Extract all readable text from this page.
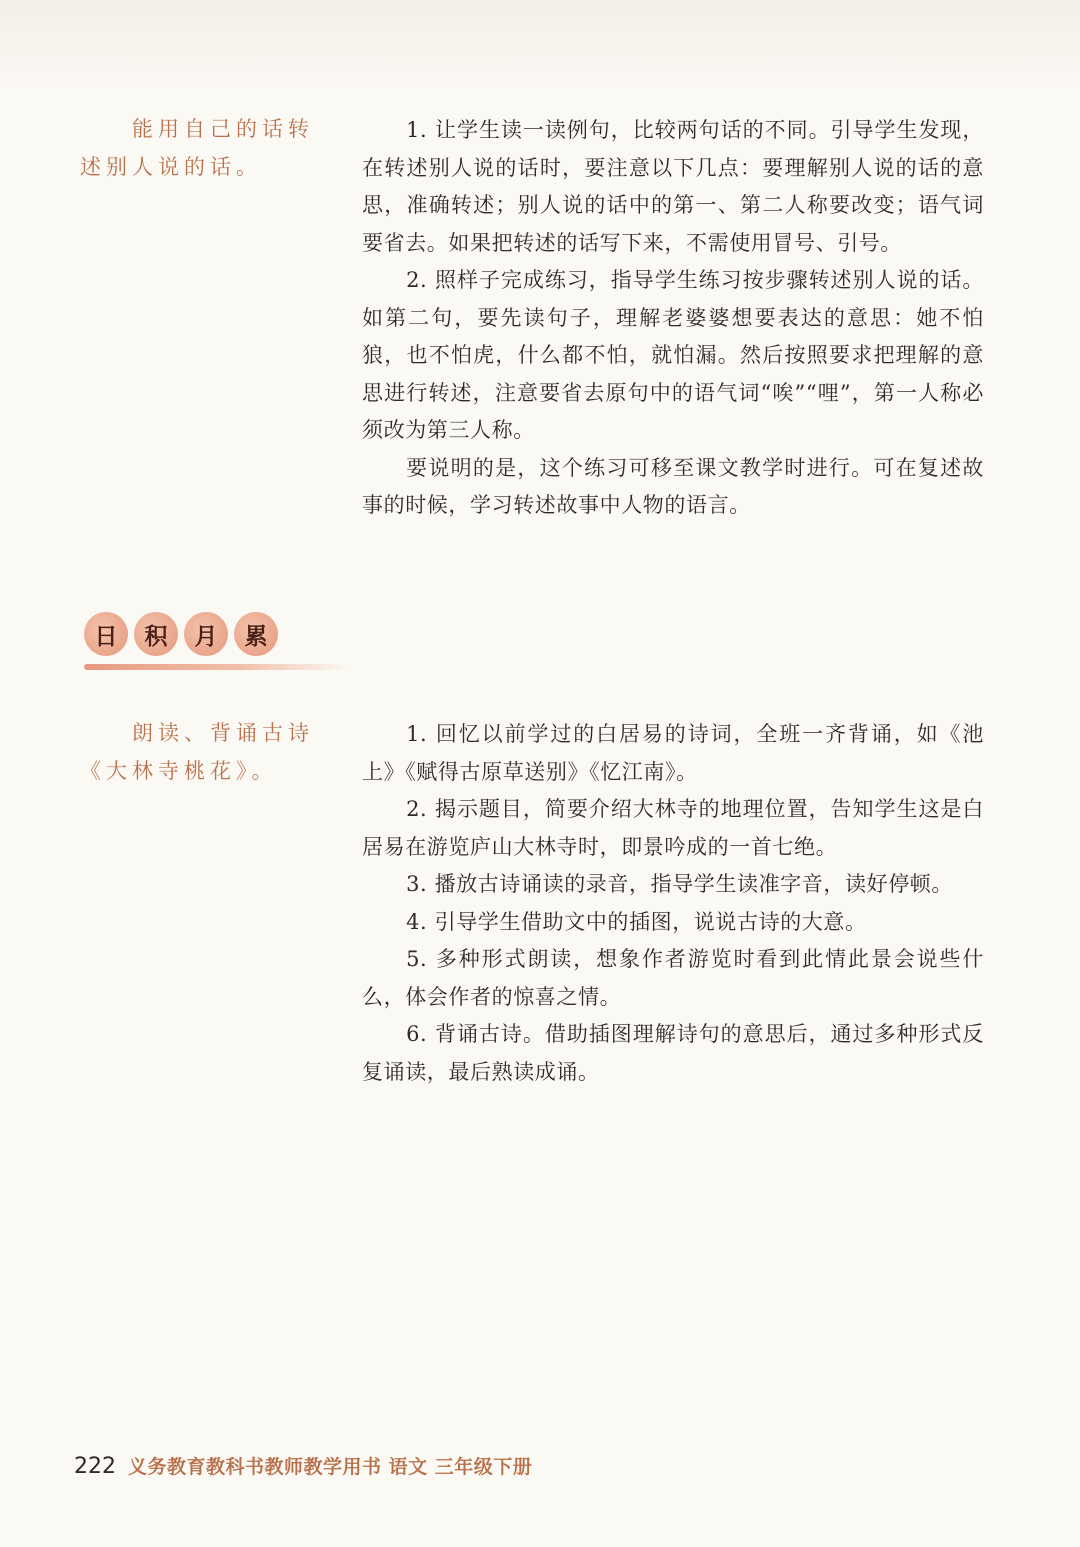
能用自己的话转
述别人说的话。

1. 让学生读一读例句，比较两句话的不同。引导学生发现，在转述别人说的话时，要注意以下几点：要理解别人说的话的意思，准确转述；别人说的话中的第一、第二人称要改变；语气词要省去。如果把转述的话写下来，不需使用冒号、引号。

2. 照样子完成练习，指导学生练习按步骤转述别人说的话。如第二句，要先读句子，理解老婆婆想要表达的意思：她不怕狼，也不怕虎，什么都不怕，就怕漏。然后按照要求把理解的意思进行转述，注意要省去原句中的语气词“唉”“哩”，第一人称必须改为第三人称。

要说明的是，这个练习可移至课文教学时进行。可在复述故事的时候，学习转述故事中人物的语言。

日	积	月	累
朗读、背诵古诗
《大林寺桃花》。

1. 回忆以前学过的白居易的诗词，全班一齐背诵，如《池上》《赋得古原草送别》《忆江南》。

2. 揭示题目，简要介绍大林寺的地理位置，告知学生这是白居易在游览庐山大林寺时，即景吟成的一首七绝。

3. 播放古诗诵读的录音，指导学生读准字音，读好停顿。

4. 引导学生借助文中的插图，说说古诗的大意。

5. 多种形式朗读，想象作者游览时看到此情此景会说些什么，体会作者的惊喜之情。

6. 背诵古诗。借助插图理解诗句的意思后，通过多种形式反复诵读，最后熟读成诵。

222 义务教育教科书教师教学用书 语文 三年级下册
